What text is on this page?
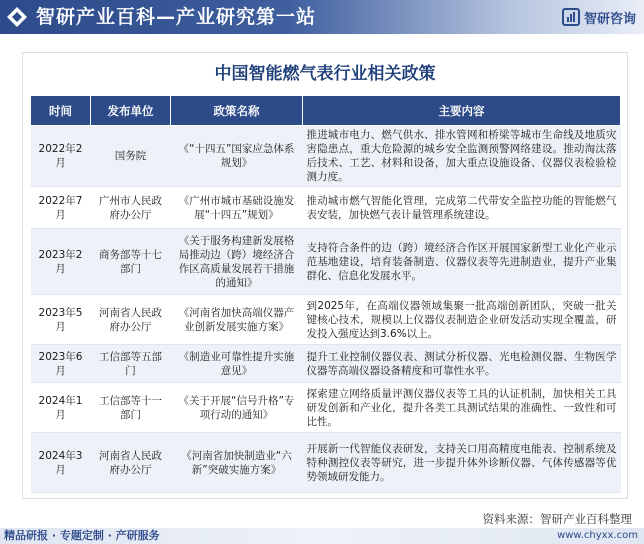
智研产业百科—产业研究第一站	智研咨询
中国智能燃气表行业相关政策
时间	发布单位	政策名称	主要内容
2022年2月	国务院	《“十四五”国家应急体系规划》	推进城市电力、燃气供水、排水管网和桥梁等城市生命线及地质灾害隐患点，重大危险源的城乡安全监测预警网络建设。推动淘汰落后技术、工艺、材料和设备，加大重点设施设备、仪器仪表检验检测力度。
2022年7月	广州市人民政府办公厅	《广州市城市基础设施发展“十四五”规划》	推动城市燃气智能化管理，完成第二代带安全监控功能的智能燃气表安装，加快燃气表计量管理系统建设。
2023年2月	商务部等十七部门	《关于服务构建新发展格局推动边（跨）境经济合作区高质量发展若干措施的通知》	支持符合条件的边（跨）境经济合作区开展国家新型工业化产业示范基地建设，培育装备制造、仪器仪表等先进制造业，提升产业集群化、信息化发展水平。
2023年5月	河南省人民政府办公厅	《河南省加快高端仪器产业创新发展实施方案》	到2025年，在高端仪器领域集聚一批高端创新团队，突破一批关键核心技术，规模以上仪器仪表制造企业研发活动实现全覆盖，研发投入强度达到3.6%以上。
2023年6月	工信部等五部门	《制造业可靠性提升实施意见》	提升工业控制仪器仪表、测试分析仪器、光电检测仪器、生物医学仪器等高端仪器设备精度和可靠性水平。
2024年1月	工信部等十一部门	《关于开展“信号升格”专项行动的通知》	探索建立网络质量评测仪器仪表等工具的认证机制，加快相关工具研发创新和产业化，提升各类工具测试结果的准确性、一致性和可比性。
2024年3月	河南省人民政府办公厅	《河南省加快制造业“六新”突破实施方案》	开展新一代智能仪表研发，支持关口用高精度电能表、控制系统及特种测控仪表等研究，进一步提升体外诊断仪器、气体传感器等优势领域研发能力。
资料来源：智研产业百科整理
精品研报 · 专题定制 · 产研服务	www.chyxx.com
